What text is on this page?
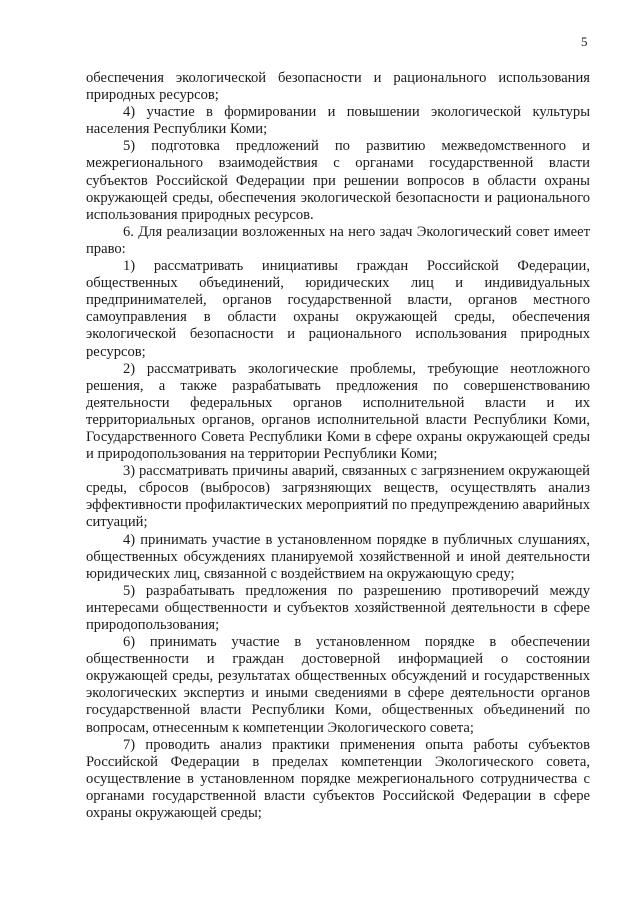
5

обеспечения экологической безопасности и рационального использования природных ресурсов;

4) участие в формировании и повышении экологической культуры населения Республики Коми;

5) подготовка предложений по развитию межведомственного и межрегионального взаимодействия с органами государственной власти субъектов Российской Федерации при решении вопросов в области охраны окружающей среды, обеспечения экологической безопасности и рационального использования природных ресурсов.

6. Для реализации возложенных на него задач Экологический совет имеет право:

1) рассматривать инициативы граждан Российской Федерации, общественных объединений, юридических лиц и индивидуальных предпринимателей, органов государственной власти, органов местного самоуправления в области охраны окружающей среды, обеспечения экологической безопасности и рационального использования природных ресурсов;

2) рассматривать экологические проблемы, требующие неотложного решения, а также разрабатывать предложения по совершенствованию деятельности федеральных органов исполнительной власти и их территориальных органов, органов исполнительной власти Республики Коми, Государственного Совета Республики Коми в сфере охраны окружающей среды и природопользования на территории Республики Коми;

3) рассматривать причины аварий, связанных с загрязнением окружающей среды, сбросов (выбросов) загрязняющих веществ, осуществлять анализ эффективности профилактических мероприятий по предупреждению аварийных ситуаций;

4) принимать участие в установленном порядке в публичных слушаниях, общественных обсуждениях планируемой хозяйственной и иной деятельности юридических лиц, связанной с воздействием на окружающую среду;

5) разрабатывать предложения по разрешению противоречий между интересами общественности и субъектов хозяйственной деятельности в сфере природопользования;

6) принимать участие в установленном порядке в обеспечении общественности и граждан достоверной информацией о состоянии окружающей среды, результатах общественных обсуждений и государственных экологических экспертиз и иными сведениями в сфере деятельности органов государственной власти Республики Коми, общественных объединений по вопросам, отнесенным к компетенции Экологического совета;

7) проводить анализ практики применения опыта работы субъектов Российской Федерации в пределах компетенции Экологического совета, осуществление в установленном порядке межрегионального сотрудничества с органами государственной власти субъектов Российской Федерации в сфере охраны окружающей среды;
